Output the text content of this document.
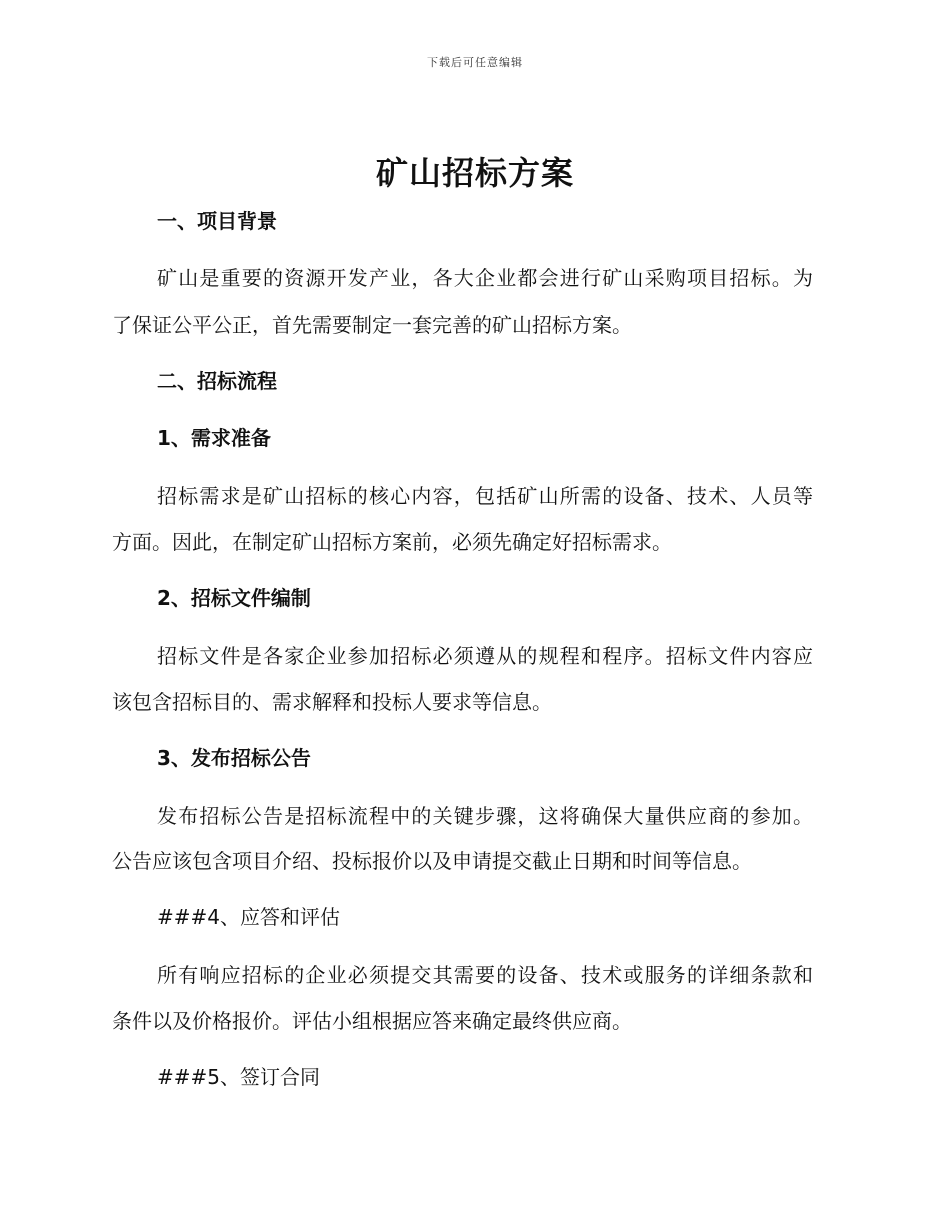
下载后可任意编辑
矿山招标方案
一、项目背景
矿山是重要的资源开发产业，各大企业都会进行矿山采购项目招标。为
了保证公平公正，首先需要制定一套完善的矿山招标方案。
二、招标流程
1、需求准备
招标需求是矿山招标的核心内容，包括矿山所需的设备、技术、人员等
方面。因此，在制定矿山招标方案前，必须先确定好招标需求。
2、招标文件编制
招标文件是各家企业参加招标必须遵从的规程和程序。招标文件内容应
该包含招标目的、需求解释和投标人要求等信息。
3、发布招标公告
发布招标公告是招标流程中的关键步骤，这将确保大量供应商的参加。
公告应该包含项目介绍、投标报价以及申请提交截止日期和时间等信息。
###4、应答和评估
所有响应招标的企业必须提交其需要的设备、技术或服务的详细条款和
条件以及价格报价。评估小组根据应答来确定最终供应商。
###5、签订合同
